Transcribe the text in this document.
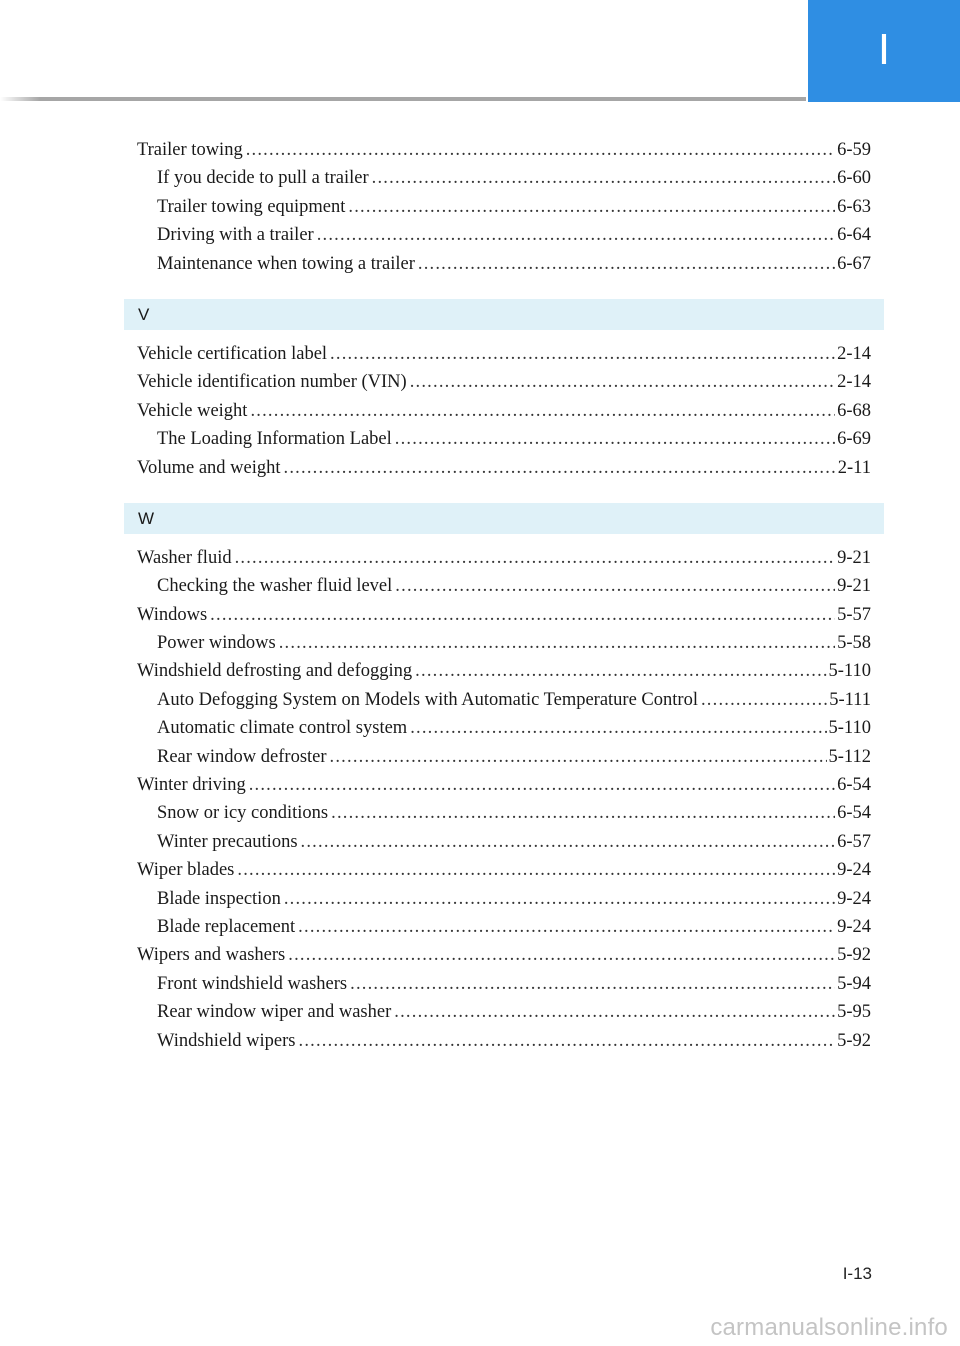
I
Trailer towing .....	6-59
If you decide to pull a trailer .....	6-60
Trailer towing equipment .....	6-63
Driving with a trailer .....	6-64
Maintenance when towing a trailer .....	6-67
V
Vehicle certification label .....	2-14
Vehicle identification number (VIN) .....	2-14
Vehicle weight .....	6-68
The Loading Information Label .....	6-69
Volume and weight .....	2-11
W
Washer fluid .....	9-21
Checking the washer fluid level .....	9-21
Windows .....	5-57
Power windows .....	5-58
Windshield defrosting and defogging .....	5-110
Auto Defogging System on Models with Automatic Temperature Control .....	5-111
Automatic climate control system .....	5-110
Rear window defroster .....	5-112
Winter driving .....	6-54
Snow or icy conditions .....	6-54
Winter precautions .....	6-57
Wiper blades .....	9-24
Blade inspection .....	9-24
Blade replacement .....	9-24
Wipers and washers .....	5-92
Front windshield washers .....	5-94
Rear window wiper and washer .....	5-95
Windshield wipers .....	5-92
I-13
carmanualsonline.info
